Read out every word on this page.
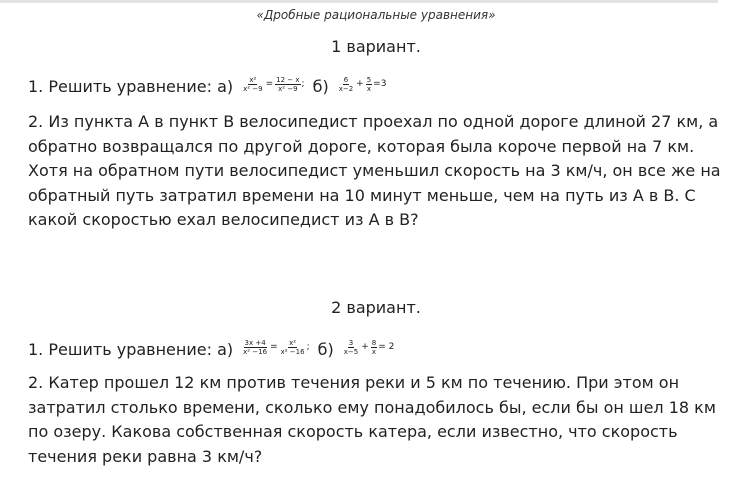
«Дробные рациональные уравнения»
1 вариант.
1. Решить уравнение: $а) \frac{\text{x²}}{\text{x² −9}} = \frac{12 - x}{\text{x² −9}}$ ; $б) \frac{6}{x-2} + \frac{5}{x} =3$
2. Из пункта А в пункт В велосипедист проехал по одной дороге длиной 27 км, а обратно возвращался по другой дороге, которая была короче первой на 7 км. Хотя на обратном пути велосипедист уменьшил скорость на 3 км/ч, он все же на обратный путь затратил времени на 10 минут меньше, чем на путь из А в В. С какой скоростью ехал велосипедист из А в В?
2 вариант.
1. Решить уравнение: $а) \frac{3x +4}{\text{x² −16}} = \frac{\text{x²}}{\text{x² −16}}$ ; $б) \frac{3}{x-5} + \frac{8}{x} = 2$
2. Катер прошел 12 км против течения реки и 5 км по течению. При этом он затратил столько времени, сколько ему понадобилось бы, если бы он шел 18 км по озеру. Какова собственная скорость катера, если известно, что скорость течения реки равна 3 км/ч?
